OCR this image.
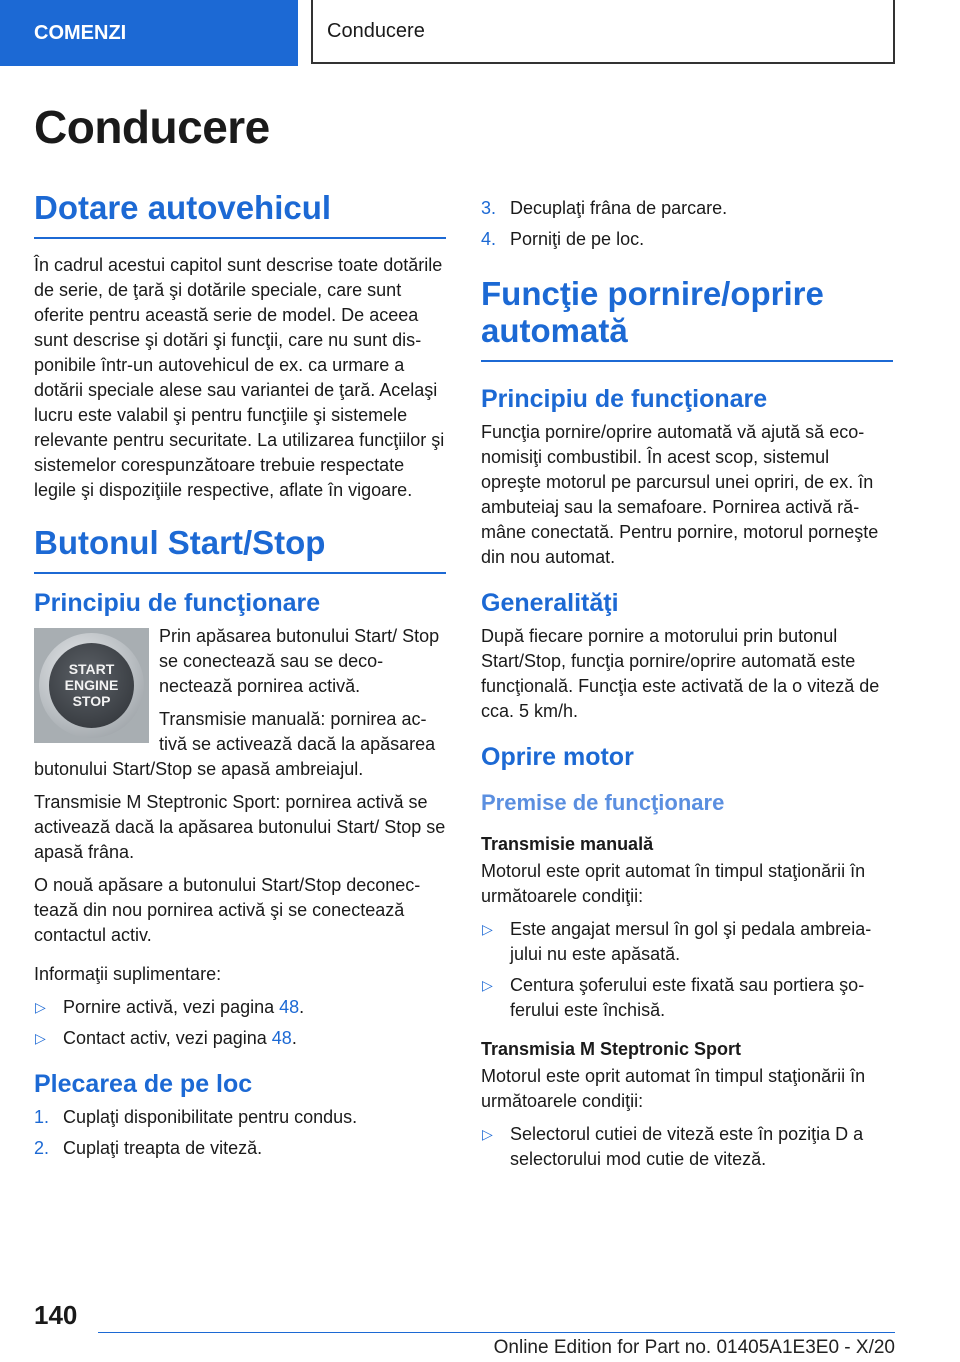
COMENZI	Conducere
Conducere
Dotare autovehicul

În cadrul acestui capitol sunt descrise toate dotările de serie, de ţară şi dotările speciale, care sunt oferite pentru această serie de model. De aceea sunt descrise şi dotări şi funcţii, care nu sunt disponibile într-un autovehicul de ex. ca urmare a dotării speciale alese sau variantei de ţară. Acelaşi lucru este valabil şi pentru funcţiile şi sistemele relevante pentru securitate. La utilizarea funcţiilor şi sistemelor corespunzătoare trebuie respectate legile şi dispoziţiile respective, aflate în vigoare.

Butonul Start/Stop
Principiu de funcţionare
START
ENGINE
STOP

Prin apăsarea butonului Start/ Stop se conectează sau se deconectează pornirea activă.

Transmisie manuală: pornirea activă se activează dacă la apăsarea butonului Start/Stop se apasă ambreiajul.

Transmisie M Steptronic Sport: pornirea activă se activează dacă la apăsarea butonului Start/ Stop se apasă frâna.

O nouă apăsare a butonului Start/Stop deconectează din nou pornirea activă şi se conectează contactul activ.

Informaţii suplimentare:

▷ Pornire activă, vezi pagina 48.
▷ Contact activ, vezi pagina 48.
Plecarea de pe loc
1. Cuplaţi disponibilitate pentru condus.
2. Cuplaţi treapta de viteză.
3. Decuplaţi frâna de parcare.
4. Porniţi de pe loc.
Funcţie pornire/oprire automată
Principiu de funcţionare

Funcţia pornire/oprire automată vă ajută să economisiţi combustibil. În acest scop, sistemul opreşte motorul pe parcursul unei opriri, de ex. în ambuteiaj sau la semafoare. Pornirea activă rămâne conectată. Pentru pornire, motorul porneşte din nou automat.

Generalităţi

După fiecare pornire a motorului prin butonul Start/Stop, funcţia pornire/oprire automată este funcţională. Funcţia este activată de la o viteză de cca. 5 km/h.

Oprire motor
Premise de funcţionare
Transmisie manuală

Motorul este oprit automat în timpul staţionării în următoarele condiţii:

▷ Este angajat mersul în gol şi pedala ambreiajului nu este apăsată.
▷ Centura şoferului este fixată sau portiera şoferului este închisă.
Transmisia M Steptronic Sport

Motorul este oprit automat în timpul staţionării în următoarele condiţii:

▷ Selectorul cutiei de viteză este în poziţia D a selectorului mod cutie de viteză.
140
Online Edition for Part no. 01405A1E3E0 - X/20
